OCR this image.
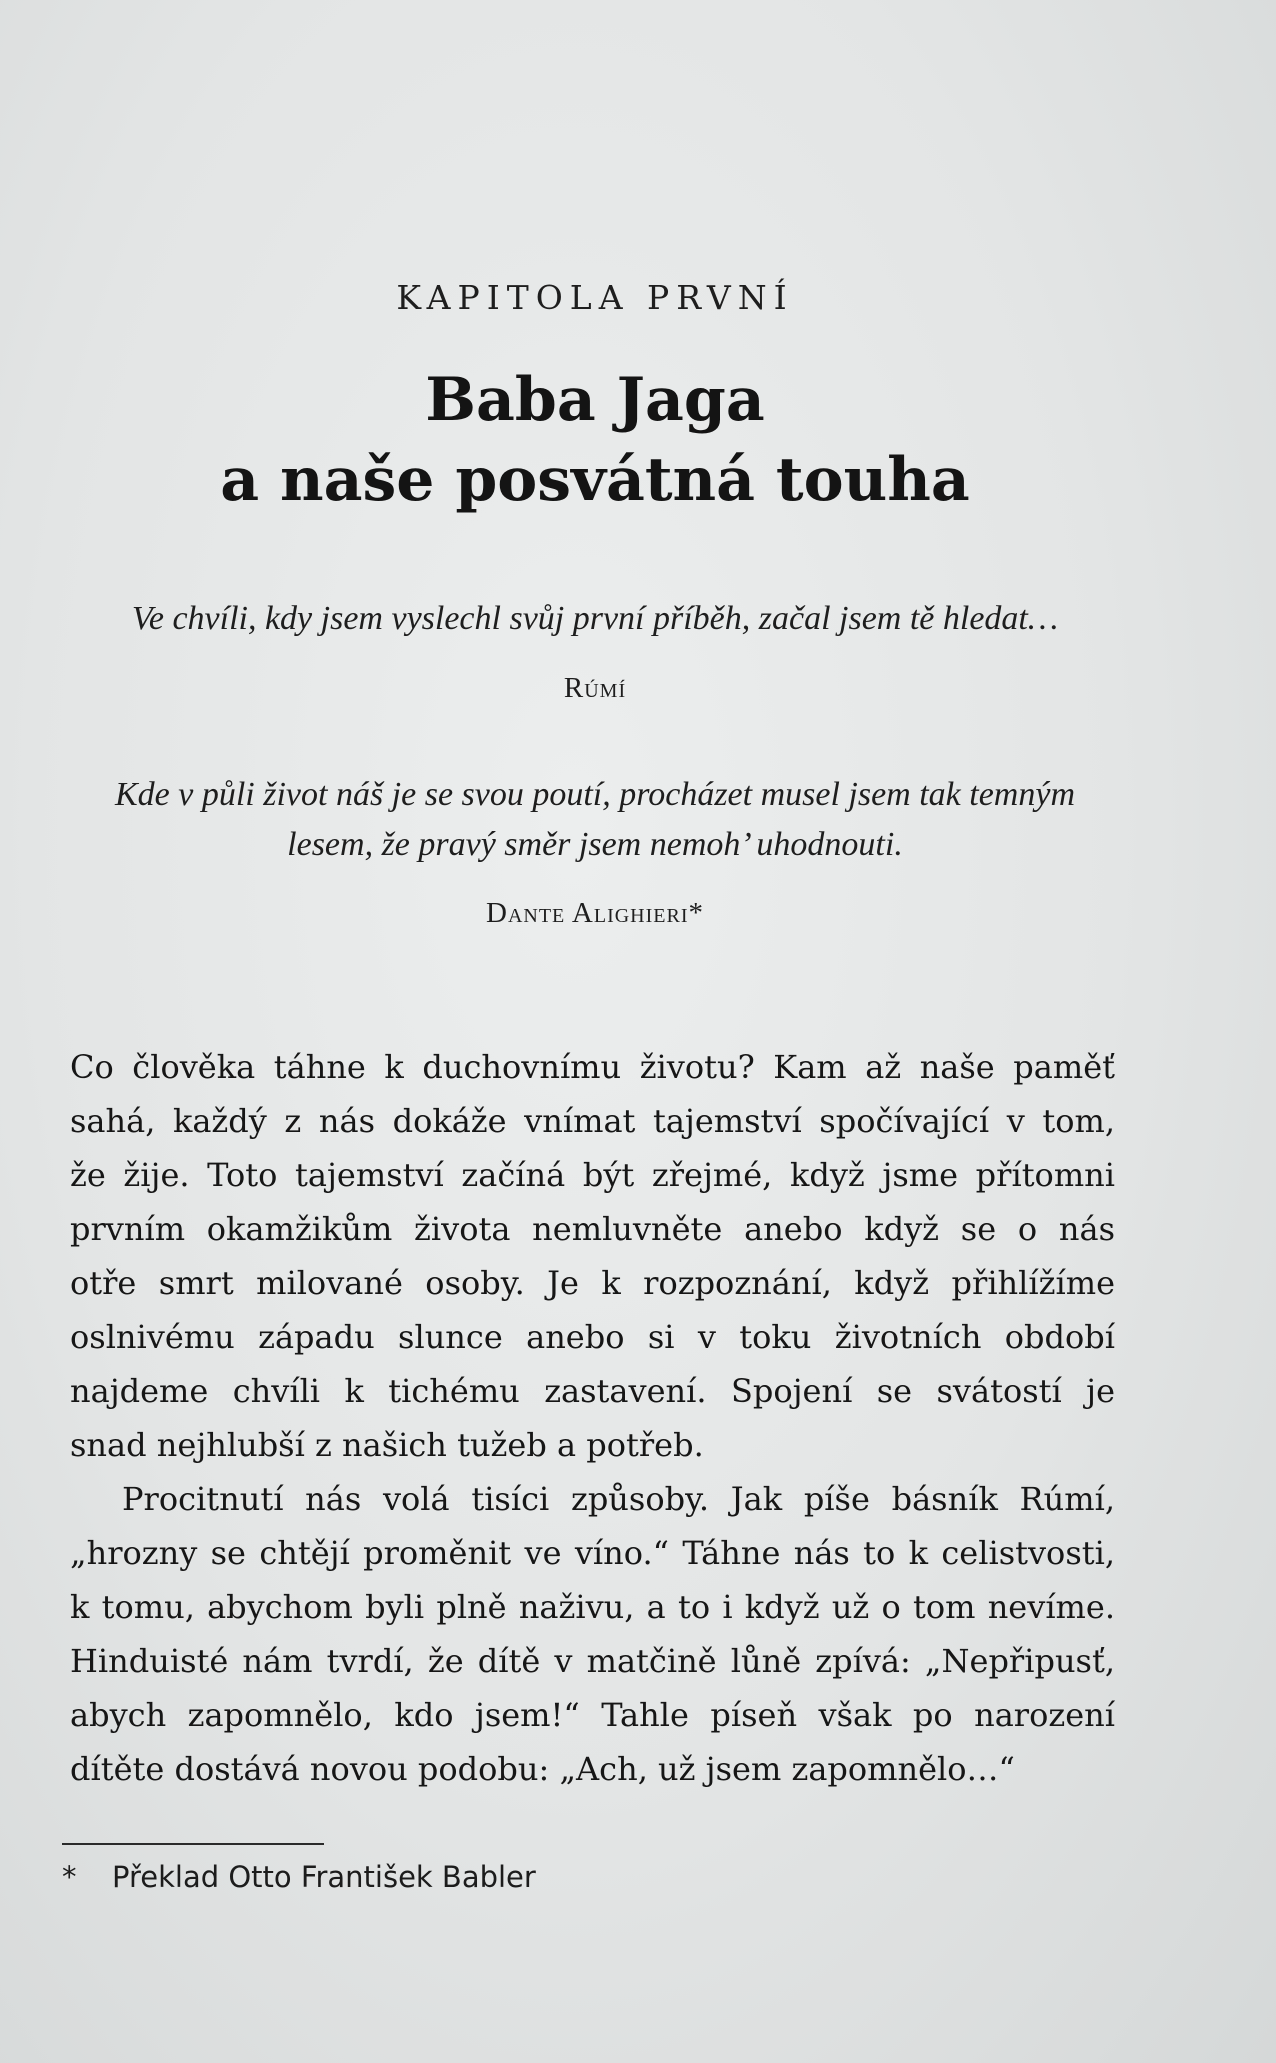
KAPITOLA PRVNÍ
Baba Jaga
a naše posvátná touha

Ve chvíli, kdy jsem vyslechl svůj první příběh, začal jsem tě hledat…

Rúmí

Kde v půli život náš je se svou poutí, procházet musel jsem tak temným
lesem, že pravý směr jsem nemoh’ uhodnouti.

Dante Alighieri*

Co člověka táhne k duchovnímu životu? Kam až naše paměť
sahá, každý z nás dokáže vnímat tajemství spočívající v tom,
že žije. Toto tajemství začíná být zřejmé, když jsme přítomni
prvním okamžikům života nemluvněte anebo když se o nás
otře smrt milované osoby. Je k rozpoznání, když přihlížíme
oslnivému západu slunce anebo si v toku životních období
najdeme chvíli k tichému zastavení. Spojení se svátostí je
snad nejhlubší z našich tužeb a potřeb.

Procitnutí nás volá tisíci způsoby. Jak píše básník Rúmí,
„hrozny se chtějí proměnit ve víno.“ Táhne nás to k celistvosti,
k tomu, abychom byli plně naživu, a to i když už o tom nevíme.
Hinduisté nám tvrdí, že dítě v matčině lůně zpívá: „Nepřipusť,
abych zapomnělo, kdo jsem!“ Tahle píseň však po narození
dítěte dostává novou podobu: „Ach, už jsem zapomnělo…“

* Překlad Otto František Babler
